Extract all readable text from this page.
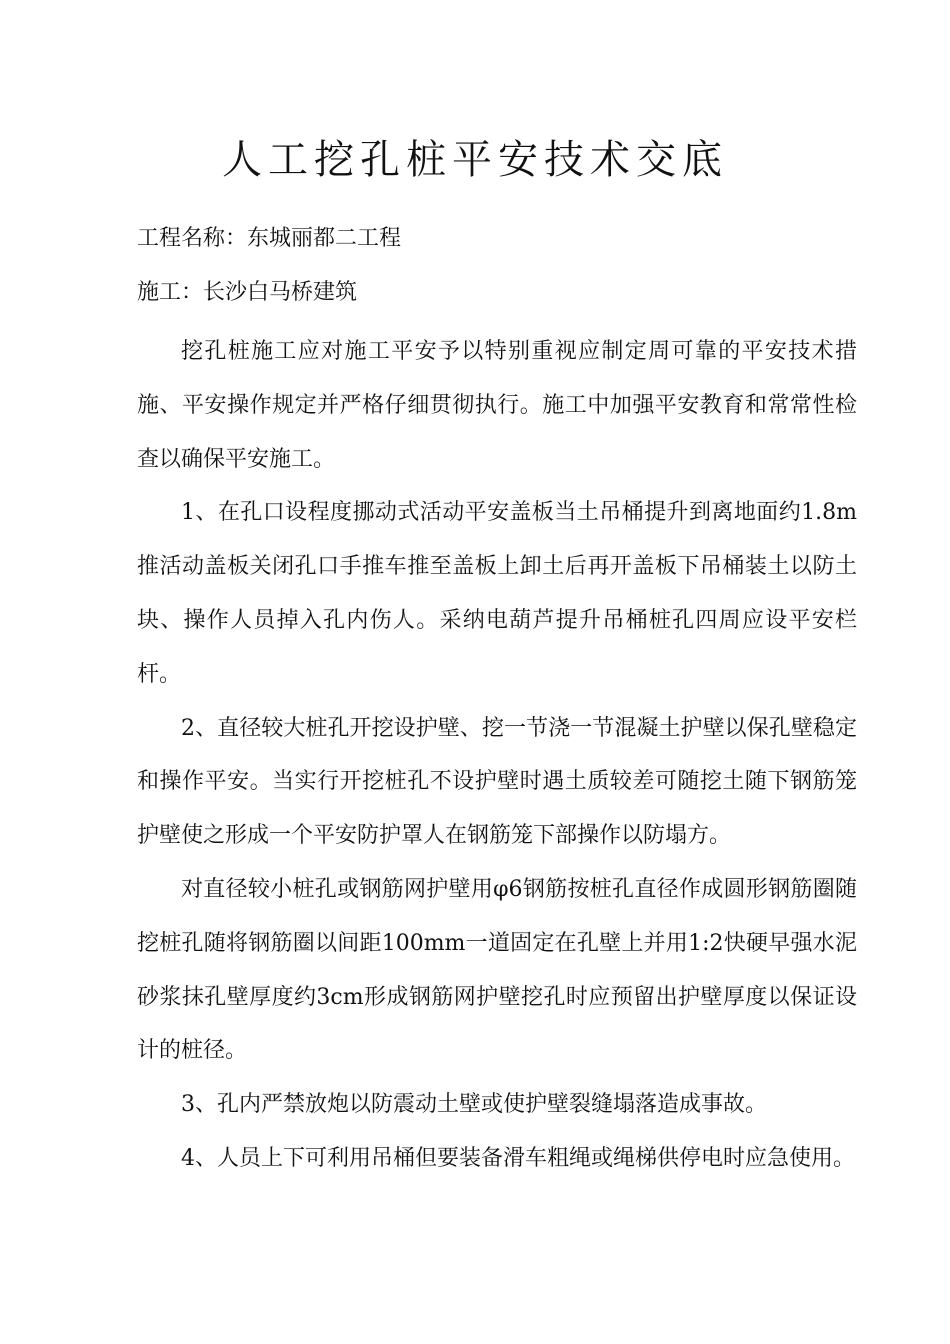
人工挖孔桩平安技术交底

工程名称：东城丽都二工程

施工：长沙白马桥建筑

挖孔桩施工应对施工平安予以特别重视应制定周可靠的平安技术措施、平安操作规定并严格仔细贯彻执行。施工中加强平安教育和常常性检查以确保平安施工。

1、在孔口设程度挪动式活动平安盖板当土吊桶提升到离地面约1.8m推活动盖板关闭孔口手推车推至盖板上卸土后再开盖板下吊桶装土以防土块、操作人员掉入孔内伤人。采纳电葫芦提升吊桶桩孔四周应设平安栏杆。

2、直径较大桩孔开挖设护壁、挖一节浇一节混凝土护壁以保孔壁稳定和操作平安。当实行开挖桩孔不设护壁时遇土质较差可随挖土随下钢筋笼护壁使之形成一个平安防护罩人在钢筋笼下部操作以防塌方。

对直径较小桩孔或钢筋网护壁用φ6钢筋按桩孔直径作成圆形钢筋圈随挖桩孔随将钢筋圈以间距100mm一道固定在孔壁上并用1:2快硬早强水泥砂浆抹孔壁厚度约3cm形成钢筋网护壁挖孔时应预留出护壁厚度以保证设计的桩径。

3、孔内严禁放炮以防震动土壁或使护壁裂缝塌落造成事故。

4、人员上下可利用吊桶但要装备滑车粗绳或绳梯供停电时应急使用。
